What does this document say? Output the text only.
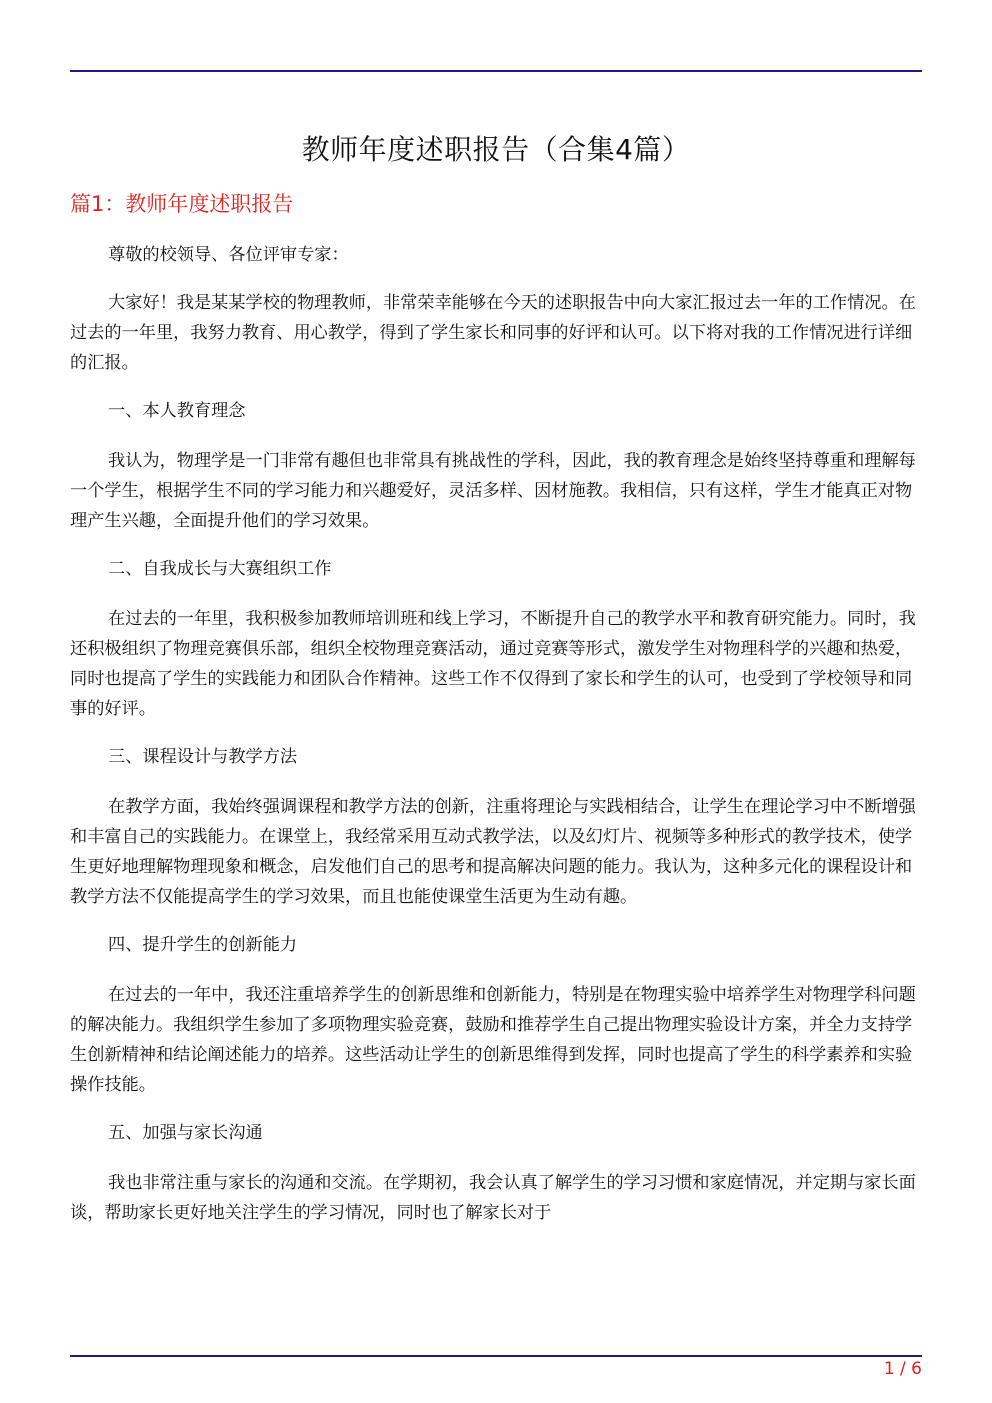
教师年度述职报告（合集4篇）
篇1：教师年度述职报告

尊敬的校领导、各位评审专家：

大家好！我是某某学校的物理教师，非常荣幸能够在今天的述职报告中向大家汇报过去一年的工作情况。在过去的一年里，我努力教育、用心教学，得到了学生家长和同事的好评和认可。以下将对我的工作情况进行详细的汇报。

一、本人教育理念

我认为，物理学是一门非常有趣但也非常具有挑战性的学科，因此，我的教育理念是始终坚持尊重和理解每一个学生，根据学生不同的学习能力和兴趣爱好，灵活多样、因材施教。我相信，只有这样，学生才能真正对物理产生兴趣，全面提升他们的学习效果。

二、自我成长与大赛组织工作

在过去的一年里，我积极参加教师培训班和线上学习，不断提升自己的教学水平和教育研究能力。同时，我还积极组织了物理竞赛俱乐部，组织全校物理竞赛活动，通过竞赛等形式，激发学生对物理科学的兴趣和热爱，同时也提高了学生的实践能力和团队合作精神。这些工作不仅得到了家长和学生的认可，也受到了学校领导和同事的好评。

三、课程设计与教学方法

在教学方面，我始终强调课程和教学方法的创新，注重将理论与实践相结合，让学生在理论学习中不断增强和丰富自己的实践能力。在课堂上，我经常采用互动式教学法，以及幻灯片、视频等多种形式的教学技术，使学生更好地理解物理现象和概念，启发他们自己的思考和提高解决问题的能力。我认为，这种多元化的课程设计和教学方法不仅能提高学生的学习效果，而且也能使课堂生活更为生动有趣。

四、提升学生的创新能力

在过去的一年中，我还注重培养学生的创新思维和创新能力，特别是在物理实验中培养学生对物理学科问题的解决能力。我组织学生参加了多项物理实验竞赛，鼓励和推荐学生自己提出物理实验设计方案，并全力支持学生创新精神和结论阐述能力的培养。这些活动让学生的创新思维得到发挥，同时也提高了学生的科学素养和实验操作技能。

五、加强与家长沟通

我也非常注重与家长的沟通和交流。在学期初，我会认真了解学生的学习习惯和家庭情况，并定期与家长面谈，帮助家长更好地关注学生的学习情况，同时也了解家长对于

1 / 6
